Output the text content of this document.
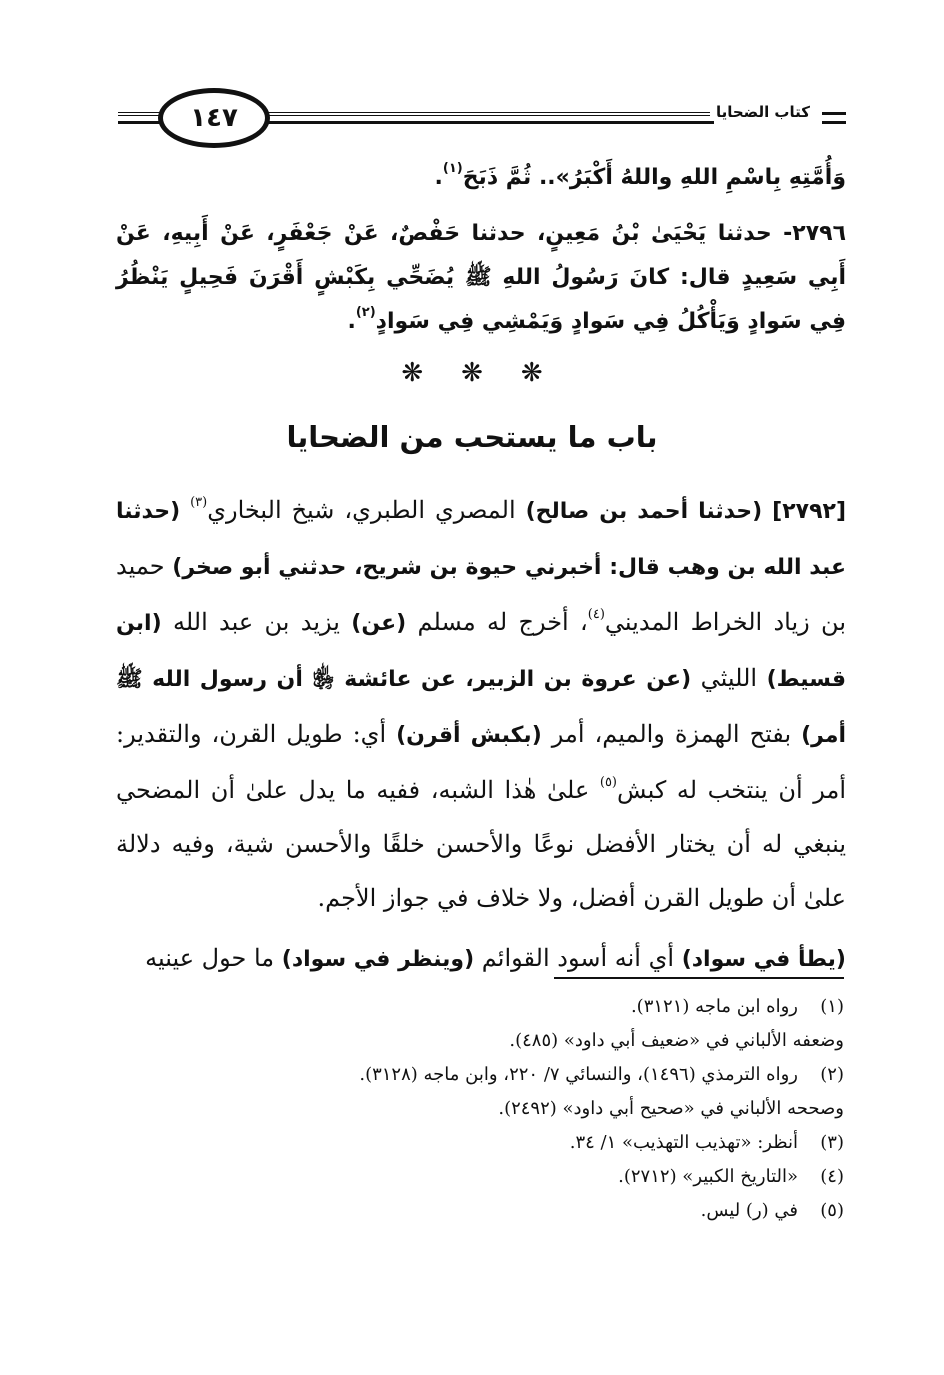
١٤٧	كتاب الضحايا
وَأُمَّتِهِ بِاسْمِ اللهِ واللهُ أَكْبَرُ».. ثُمَّ ذَبَحَ$^{(١)}$.
٢٧٩٦- حدثنا يَحْيَىٰ بْنُ مَعِينٍ، حدثنا حَفْصٌ، عَنْ جَعْفَرٍ، عَنْ أَبِيهِ، عَنْ أَبِي سَعِيدٍ قال: كانَ رَسُولُ اللهِ ﷺ يُضَحِّي بِكَبْشٍ أَقْرَنَ فَحِيلٍ يَنْظُرُ فِي سَوادٍ وَيَأْكُلُ فِي سَوادٍ وَيَمْشِي فِي سَوادٍ$^{(٢)}$.
❋❋❋
باب ما يستحب من الضحايا

[٢٧٩٢] (حدثنا أحمد بن صالح) المصري الطبري، شيخ البخاري$^{(٣)}$ (حدثنا عبد الله بن وهب قال: أخبرني حيوة بن شريح، حدثني أبو صخر) حميد بن زياد الخراط المديني$^{(٤)}$، أخرج له مسلم (عن) يزيد بن عبد الله (ابن قسيط) الليثي (عن عروة بن الزبير، عن عائشة ﵂ أن رسول الله ﷺ أمر) بفتح الهمزة والميم، أمر (بكبش أقرن) أي: طويل القرن، والتقدير: أمر أن ينتخب له كبش$^{(٥)}$ علىٰ هٰذا الشبه، ففيه ما يدل علىٰ أن المضحي ينبغي له أن يختار الأفضل نوعًا والأحسن خلقًا والأحسن شية، وفيه دلالة علىٰ أن طويل القرن أفضل، ولا خلاف في جواز الأجم.

(يطأ في سواد) أي أنه أسود القوائم (وينظر في سواد) ما حول عينيه

(١)
رواه ابن ماجه (٣١٢١).
وضعفه الألباني في «ضعيف أبي داود» (٤٨٥).
(٢)
رواه الترمذي (١٤٩٦)، والنسائي ٧/ ٢٢٠، وابن ماجه (٣١٢٨).
وصححه الألباني في «صحيح أبي داود» (٢٤٩٢).
(٣)
أنظر: «تهذيب التهذيب» ١/ ٣٤.
(٤)
«التاريخ الكبير» (٢٧١٢).
(٥)
في (ر) ليس.
